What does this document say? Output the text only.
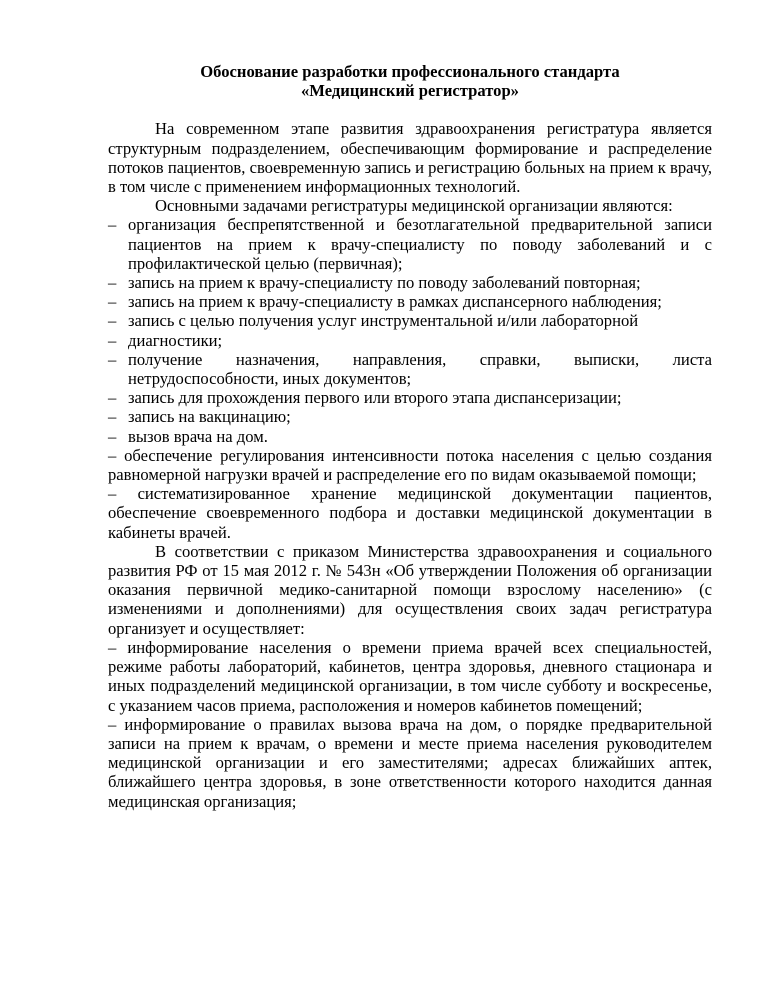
Обоснование разработки профессионального стандарта
«Медицинский регистратор»

На современном этапе развития здравоохранения регистратура является структурным подразделением, обеспечивающим формирование и распределение потоков пациентов, своевременную запись и регистрацию больных на прием к врачу, в том числе с применением информационных технологий.

Основными задачами регистратуры медицинской организации являются:

– организация беспрепятственной и безотлагательной предварительной записи пациентов на прием к врачу-специалисту по поводу заболеваний и с профилактической целью (первичная);
– запись на прием к врачу-специалисту по поводу заболеваний повторная;
– запись на прием к врачу-специалисту в рамках диспансерного наблюдения;
– запись с целью получения услуг инструментальной и/или лабораторной
– диагностики;
– получение назначения, направления, справки, выписки, листа нетрудоспособности, иных документов;
– запись для прохождения первого или второго этапа диспансеризации;
– запись на вакцинацию;
– вызов врача на дом.

– обеспечение регулирования интенсивности потока населения с целью создания равномерной нагрузки врачей и распределение его по видам оказываемой помощи;

– систематизированное хранение медицинской документации пациентов, обеспечение своевременного подбора и доставки медицинской документации в кабинеты врачей.

В соответствии с приказом Министерства здравоохранения и социального развития РФ от 15 мая 2012 г. № 543н «Об утверждении Положения об организации оказания первичной медико-санитарной помощи взрослому населению» (с изменениями и дополнениями) для осуществления своих задач регистратура организует и осуществляет:

– информирование населения о времени приема врачей всех специальностей, режиме работы лабораторий, кабинетов, центра здоровья, дневного стационара и иных подразделений медицинской организации, в том числе субботу и воскресенье, с указанием часов приема, расположения и номеров кабинетов помещений;

– информирование о правилах вызова врача на дом, о порядке предварительной записи на прием к врачам, о времени и месте приема населения руководителем медицинской организации и его заместителями; адресах ближайших аптек, ближайшего центра здоровья, в зоне ответственности которого находится данная медицинская организация;
